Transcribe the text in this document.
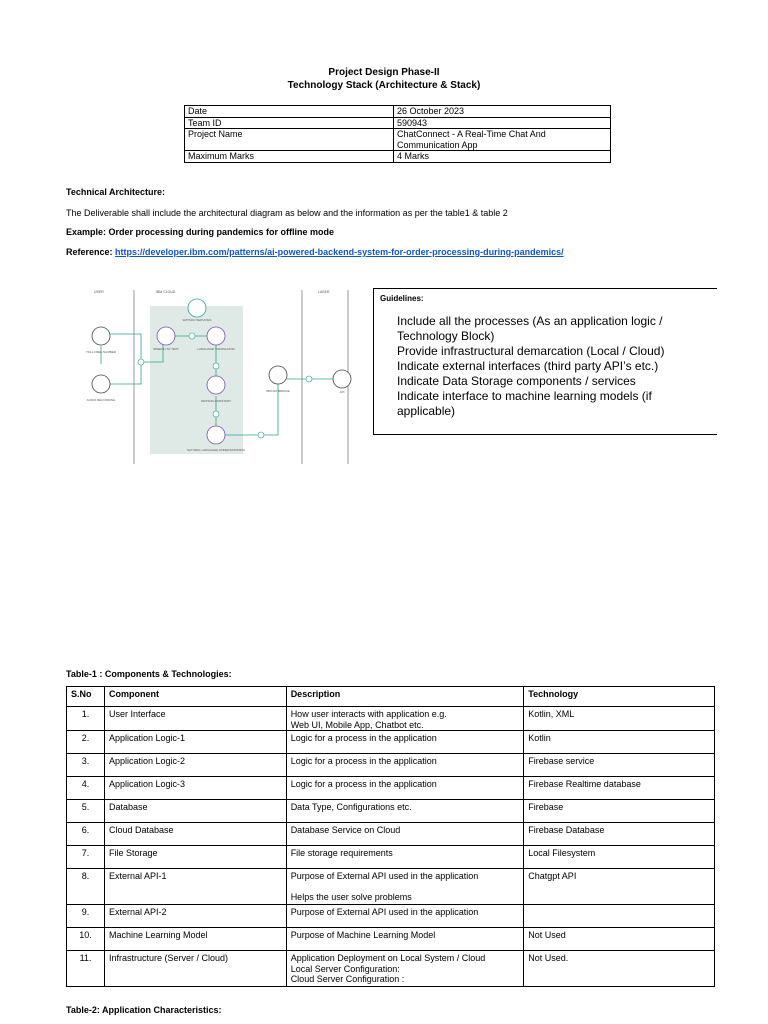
Project Design Phase-II
Technology Stack (Architecture & Stack)
Date	26 October 2023
Team ID	590943
Project Name	ChatConnect - A Real-Time Chat And Communication App
Maximum Marks	4 Marks
Technical Architecture:
The Deliverable shall include the architectural diagram as below and the information as per the table1 & table 2
Example: Order processing during pandemics for offline mode
Reference: https://developer.ibm.com/patterns/ai-powered-backend-system-for-order-processing-during-pandemics/
USER	IBM CLOUD	LASER
WATSON SERVICES
TOLL FREE NUMBER
SPEECH TO TEXT	LANGUAGE TRANSLATOR
AUDIO RECORDING
IBM API BRIDGE	API
WATSON ASSISTANT
NATURAL LANGUAGE UNDERSTANDING
Guidelines:
Include all the processes (As an application logic / Technology Block)
Provide infrastructural demarcation (Local / Cloud)
Indicate external interfaces (third party API’s etc.)
Indicate Data Storage components / services
Indicate interface to machine learning models (if applicable)
Table-1 : Components & Technologies:
S.No	Component	Description	Technology
1.	User Interface	How user interacts with application e.g.
Web UI, Mobile App, Chatbot etc.	Kotlin, XML
2.	Application Logic-1	Logic for a process in the application	Kotlin
3.	Application Logic-2	Logic for a process in the application	Firebase service
4.	Application Logic-3	Logic for a process in the application	Firebase Realtime database
5.	Database	Data Type, Configurations etc.	Firebase
6.	Cloud Database	Database Service on Cloud	Firebase Database
7.	File Storage	File storage requirements	Local Filesystem
8.	External API-1	Purpose of External API used in the application

Helps the user solve problems	Chatgpt API
9.	External API-2	Purpose of External API used in the application	
10.	Machine Learning Model	Purpose of Machine Learning Model	Not Used
11.	Infrastructure (Server / Cloud)	Application Deployment on Local System / Cloud
Local Server Configuration:
Cloud Server Configuration :	Not Used.
Table-2: Application Characteristics:
